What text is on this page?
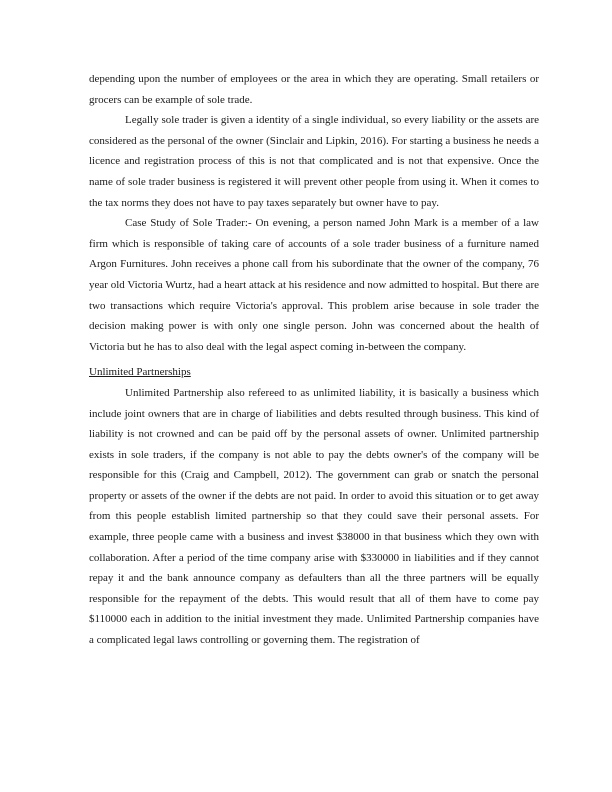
depending upon the number of employees or the area in which they are operating. Small retailers or grocers can be example of sole trade.

Legally sole trader is given a identity of a single individual, so every liability or the assets are considered as the personal of the owner (Sinclair and Lipkin, 2016). For starting a business he needs a licence and registration process of this is not that complicated and is not that expensive. Once the name of sole trader business is registered it will prevent other people from using it. When it comes to the tax norms they does not have to pay taxes separately but owner have to pay.

Case Study of Sole Trader:- On evening, a person named John Mark is a member of a law firm which is responsible of taking care of accounts of a sole trader business of a furniture named Argon Furnitures. John receives a phone call from his subordinate that the owner of the company, 76 year old Victoria Wurtz, had a heart attack at his residence and now admitted to hospital. But there are two transactions which require Victoria's approval. This problem arise because in sole trader the decision making power is with only one single person. John was concerned about the health of Victoria but he has to also deal with the legal aspect coming in-between the company.

Unlimited Partnerships

Unlimited Partnership also refereed to as unlimited liability, it is basically a business which include joint owners that are in charge of liabilities and debts resulted through business. This kind of liability is not crowned and can be paid off by the personal assets of owner. Unlimited partnership exists in sole traders, if the company is not able to pay the debts owner's of the company will be responsible for this (Craig and Campbell, 2012). The government can grab or snatch the personal property or assets of the owner if the debts are not paid. In order to avoid this situation or to get away from this people establish limited partnership so that they could save their personal assets. For example, three people came with a business and invest $38000 in that business which they own with collaboration. After a period of the time company arise with $330000 in liabilities and if they cannot repay it and the bank announce company as defaulters than all the three partners will be equally responsible for the repayment of the debts. This would result that all of them have to come pay $110000 each in addition to the initial investment they made. Unlimited Partnership companies have a complicated legal laws controlling or governing them. The registration of
